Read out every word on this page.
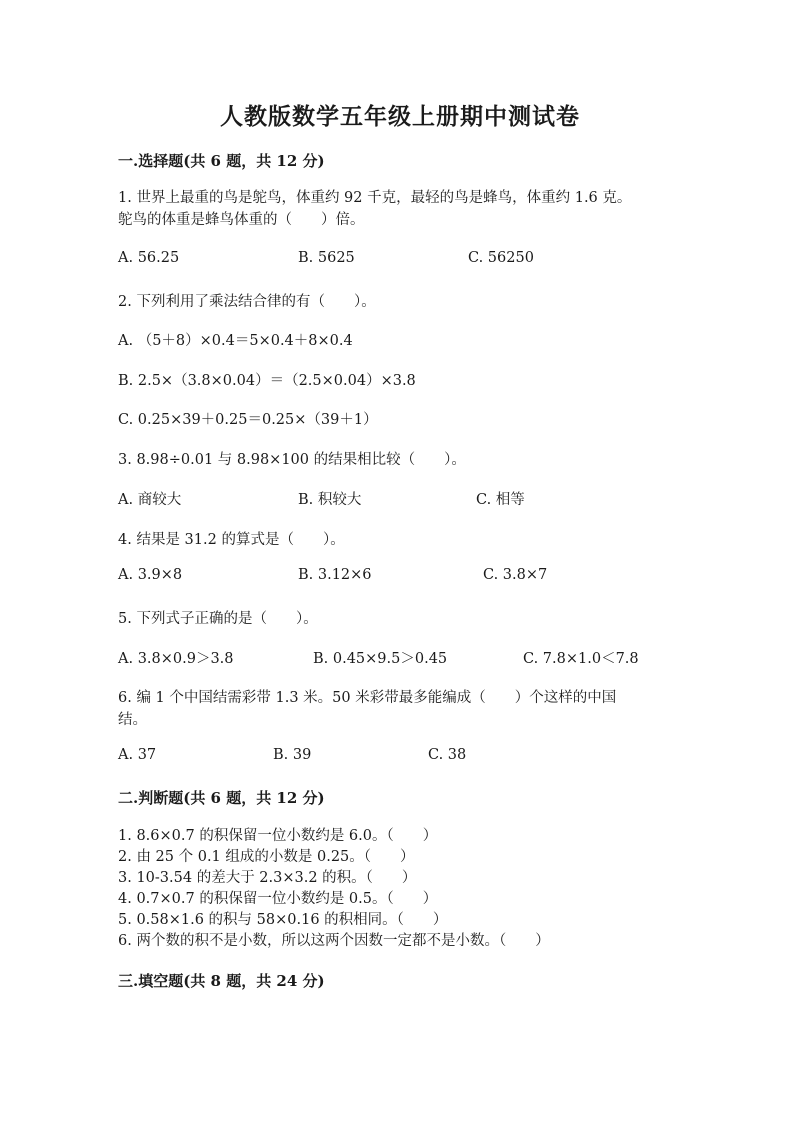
人教版数学五年级上册期中测试卷
一.选择题(共 6 题，共 12 分)
1. 世界上最重的鸟是鸵鸟，体重约 92 千克，最轻的鸟是蜂鸟，体重约 1.6 克。
鸵鸟的体重是蜂鸟体重的（　　）倍。
A. 56.25	B. 5625	C. 56250
2. 下列利用了乘法结合律的有（　　）。
A. （5＋8）×0.4＝5×0.4＋8×0.4
B. 2.5×（3.8×0.04）＝（2.5×0.04）×3.8
C. 0.25×39＋0.25＝0.25×（39＋1）
3. 8.98÷0.01 与 8.98×100 的结果相比较（　　）。
A. 商较大	B. 积较大	C. 相等
4. 结果是 31.2 的算式是（　　）。
A. 3.9×8	B. 3.12×6	C. 3.8×7
5. 下列式子正确的是（　　）。
A. 3.8×0.9＞3.8	B. 0.45×9.5＞0.45	C. 7.8×1.0＜7.8
6. 编 1 个中国结需彩带 1.3 米。50 米彩带最多能编成（　　）个这样的中国
结。
A. 37	B. 39	C. 38
二.判断题(共 6 题，共 12 分)
1. 8.6×0.7 的积保留一位小数约是 6.0。（　　）
2. 由 25 个 0.1 组成的小数是 0.25。（　　）
3. 10-3.54 的差大于 2.3×3.2 的积。（　　）
4. 0.7×0.7 的积保留一位小数约是 0.5。（　　）
5. 0.58×1.6 的积与 58×0.16 的积相同。（　　）
6. 两个数的积不是小数，所以这两个因数一定都不是小数。（　　）
三.填空题(共 8 题，共 24 分)
